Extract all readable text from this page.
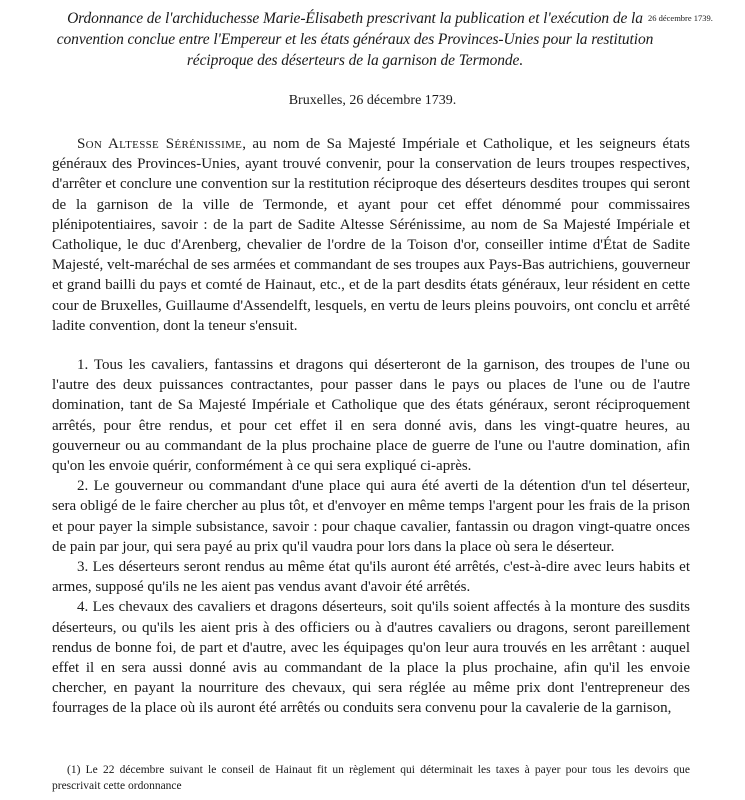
Ordonnance de l'archiduchesse Marie-Élisabeth prescrivant la publication et l'exécution de la convention conclue entre l'Empereur et les états généraux des Provinces-Unies pour la restitution réciproque des déserteurs de la garnison de Termonde.
26 décembre 1739.
Bruxelles, 26 décembre 1739.

Son Altesse Sérénissime, au nom de Sa Majesté Impériale et Catholique, et les seigneurs états généraux des Provinces-Unies, ayant trouvé convenir, pour la conservation de leurs troupes respectives, d'arrêter et conclure une convention sur la restitution réciproque des déserteurs desdites troupes qui seront de la garnison de la ville de Termonde, et ayant pour cet effet dénommé pour commissaires plénipotentiaires, savoir : de la part de Sadite Altesse Sérénissime, au nom de Sa Majesté Impériale et Catholique, le duc d'Arenberg, chevalier de l'ordre de la Toison d'or, conseiller intime d'État de Sadite Majesté, velt-maréchal de ses armées et commandant de ses troupes aux Pays-Bas autrichiens, gouverneur et grand bailli du pays et comté de Hainaut, etc., et de la part desdits états généraux, leur résident en cette cour de Bruxelles, Guillaume d'Assendelft, lesquels, en vertu de leurs pleins pouvoirs, ont conclu et arrêté ladite convention, dont la teneur s'ensuit.

1. Tous les cavaliers, fantassins et dragons qui déserteront de la garnison, des troupes de l'une ou l'autre des deux puissances contractantes, pour passer dans le pays ou places de l'une ou de l'autre domination, tant de Sa Majesté Impériale et Catholique que des états généraux, seront réciproquement arrêtés, pour être rendus, et pour cet effet il en sera donné avis, dans les vingt-quatre heures, au gouverneur ou au commandant de la plus prochaine place de guerre de l'une ou l'autre domination, afin qu'on les envoie quérir, conformément à ce qui sera expliqué ci-après.

2. Le gouverneur ou commandant d'une place qui aura été averti de la détention d'un tel déserteur, sera obligé de le faire chercher au plus tôt, et d'envoyer en même temps l'argent pour les frais de la prison et pour payer la simple subsistance, savoir : pour chaque cavalier, fantassin ou dragon vingt-quatre onces de pain par jour, qui sera payé au prix qu'il vaudra pour lors dans la place où sera le déserteur.

3. Les déserteurs seront rendus au même état qu'ils auront été arrêtés, c'est-à-dire avec leurs habits et armes, supposé qu'ils ne les aient pas vendus avant d'avoir été arrêtés.

4. Les chevaux des cavaliers et dragons déserteurs, soit qu'ils soient affectés à la monture des susdits déserteurs, ou qu'ils les aient pris à des officiers ou à d'autres cavaliers ou dragons, seront pareillement rendus de bonne foi, de part et d'autre, avec les équipages qu'on leur aura trouvés en les arrêtant : auquel effet il en sera aussi donné avis au commandant de la place la plus prochaine, afin qu'il les envoie chercher, en payant la nourriture des chevaux, qui sera réglée au même prix dont l'entrepreneur des fourrages de la place où ils auront été arrêtés ou conduits sera convenu pour la cavalerie de la garnison,

(1) Le 22 décembre suivant le conseil de Hainaut fit un règlement qui déterminait les taxes à payer pour tous les devoirs que prescrivait cette ordonnance
